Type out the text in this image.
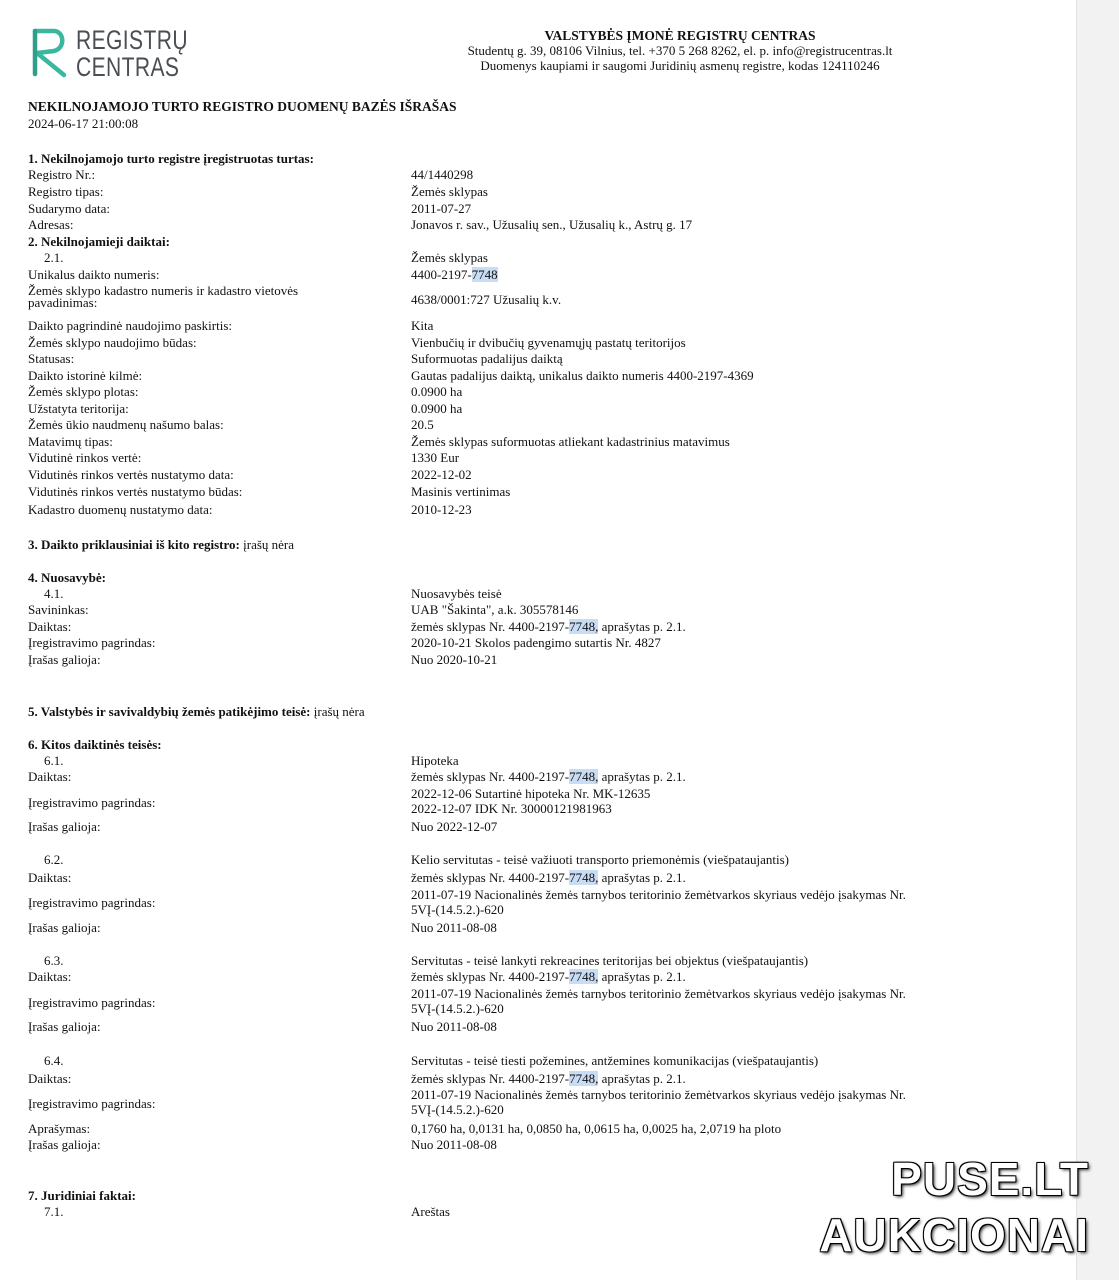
REGISTRŲ
CENTRAS
VALSTYBĖS ĮMONĖ REGISTRŲ CENTRAS
Studentų g. 39, 08106 Vilnius, tel. +370 5 268 8262, el. p. info@registrucentras.lt
Duomenys kaupiami ir saugomi Juridinių asmenų registre, kodas 124110246
NEKILNOJAMOJO TURTO REGISTRO DUOMENŲ BAZĖS IŠRAŠAS
2024-06-17 21:00:08
1. Nekilnojamojo turto registre įregistruotas turtas:
Registro Nr.:	44/1440298
Registro tipas:	Žemės sklypas
Sudarymo data:	2011-07-27
Adresas:	Jonavos r. sav., Užusalių sen., Užusalių k., Astrų g. 17
2. Nekilnojamieji daiktai:
2.1.	Žemės sklypas
Unikalus daikto numeris:	4400-2197-7748
Žemės sklypo kadastro numeris ir kadastro vietovės pavadinimas:	4638/0001:727 Užusalių k.v.
Daikto pagrindinė naudojimo paskirtis:	Kita
Žemės sklypo naudojimo būdas:	Vienbučių ir dvibučių gyvenamųjų pastatų teritorijos
Statusas:	Suformuotas padalijus daiktą
Daikto istorinė kilmė:	Gautas padalijus daiktą, unikalus daikto numeris 4400-2197-4369
Žemės sklypo plotas:	0.0900 ha
Užstatyta teritorija:	0.0900 ha
Žemės ūkio naudmenų našumo balas:	20.5
Matavimų tipas:	Žemės sklypas suformuotas atliekant kadastrinius matavimus
Vidutinė rinkos vertė:	1330 Eur
Vidutinės rinkos vertės nustatymo data:	2022-12-02
Vidutinės rinkos vertės nustatymo būdas:	Masinis vertinimas
Kadastro duomenų nustatymo data:	2010-12-23
3. Daikto priklausiniai iš kito registro: įrašų nėra
4. Nuosavybė:
4.1.	Nuosavybės teisė
Savininkas:	UAB "Šakinta", a.k. 305578146
Daiktas:	žemės sklypas Nr. 4400-2197-7748, aprašytas p. 2.1.
Įregistravimo pagrindas:	2020-10-21 Skolos padengimo sutartis Nr. 4827
Įrašas galioja:	Nuo 2020-10-21
5. Valstybės ir savivaldybių žemės patikėjimo teisė: įrašų nėra
6. Kitos daiktinės teisės:
6.1.	Hipoteka
Daiktas:	žemės sklypas Nr. 4400-2197-7748, aprašytas p. 2.1.
Įregistravimo pagrindas:
2022-12-06 Sutartinė hipoteka Nr. MK-12635
2022-12-07 IDK Nr. 30000121981963
Įrašas galioja:	Nuo 2022-12-07
6.2.	Kelio servitutas - teisė važiuoti transporto priemonėmis (viešpataujantis)
Daiktas:	žemės sklypas Nr. 4400-2197-7748, aprašytas p. 2.1.
Įregistravimo pagrindas:
2011-07-19 Nacionalinės žemės tarnybos teritorinio žemėtvarkos skyriaus vedėjo įsakymas Nr.
5VĮ-(14.5.2.)-620
Įrašas galioja:	Nuo 2011-08-08
6.3.	Servitutas - teisė lankyti rekreacines teritorijas bei objektus (viešpataujantis)
Daiktas:	žemės sklypas Nr. 4400-2197-7748, aprašytas p. 2.1.
Įregistravimo pagrindas:
2011-07-19 Nacionalinės žemės tarnybos teritorinio žemėtvarkos skyriaus vedėjo įsakymas Nr.
5VĮ-(14.5.2.)-620
Įrašas galioja:	Nuo 2011-08-08
6.4.	Servitutas - teisė tiesti požemines, antžemines komunikacijas (viešpataujantis)
Daiktas:	žemės sklypas Nr. 4400-2197-7748, aprašytas p. 2.1.
Įregistravimo pagrindas:
2011-07-19 Nacionalinės žemės tarnybos teritorinio žemėtvarkos skyriaus vedėjo įsakymas Nr.
5VĮ-(14.5.2.)-620
Aprašymas:	0,1760 ha, 0,0131 ha, 0,0850 ha, 0,0615 ha, 0,0025 ha, 2,0719 ha ploto
Įrašas galioja:	Nuo 2011-08-08
7. Juridiniai faktai:
7.1.	Areštas
PUSE.LT
AUKCIONAI
